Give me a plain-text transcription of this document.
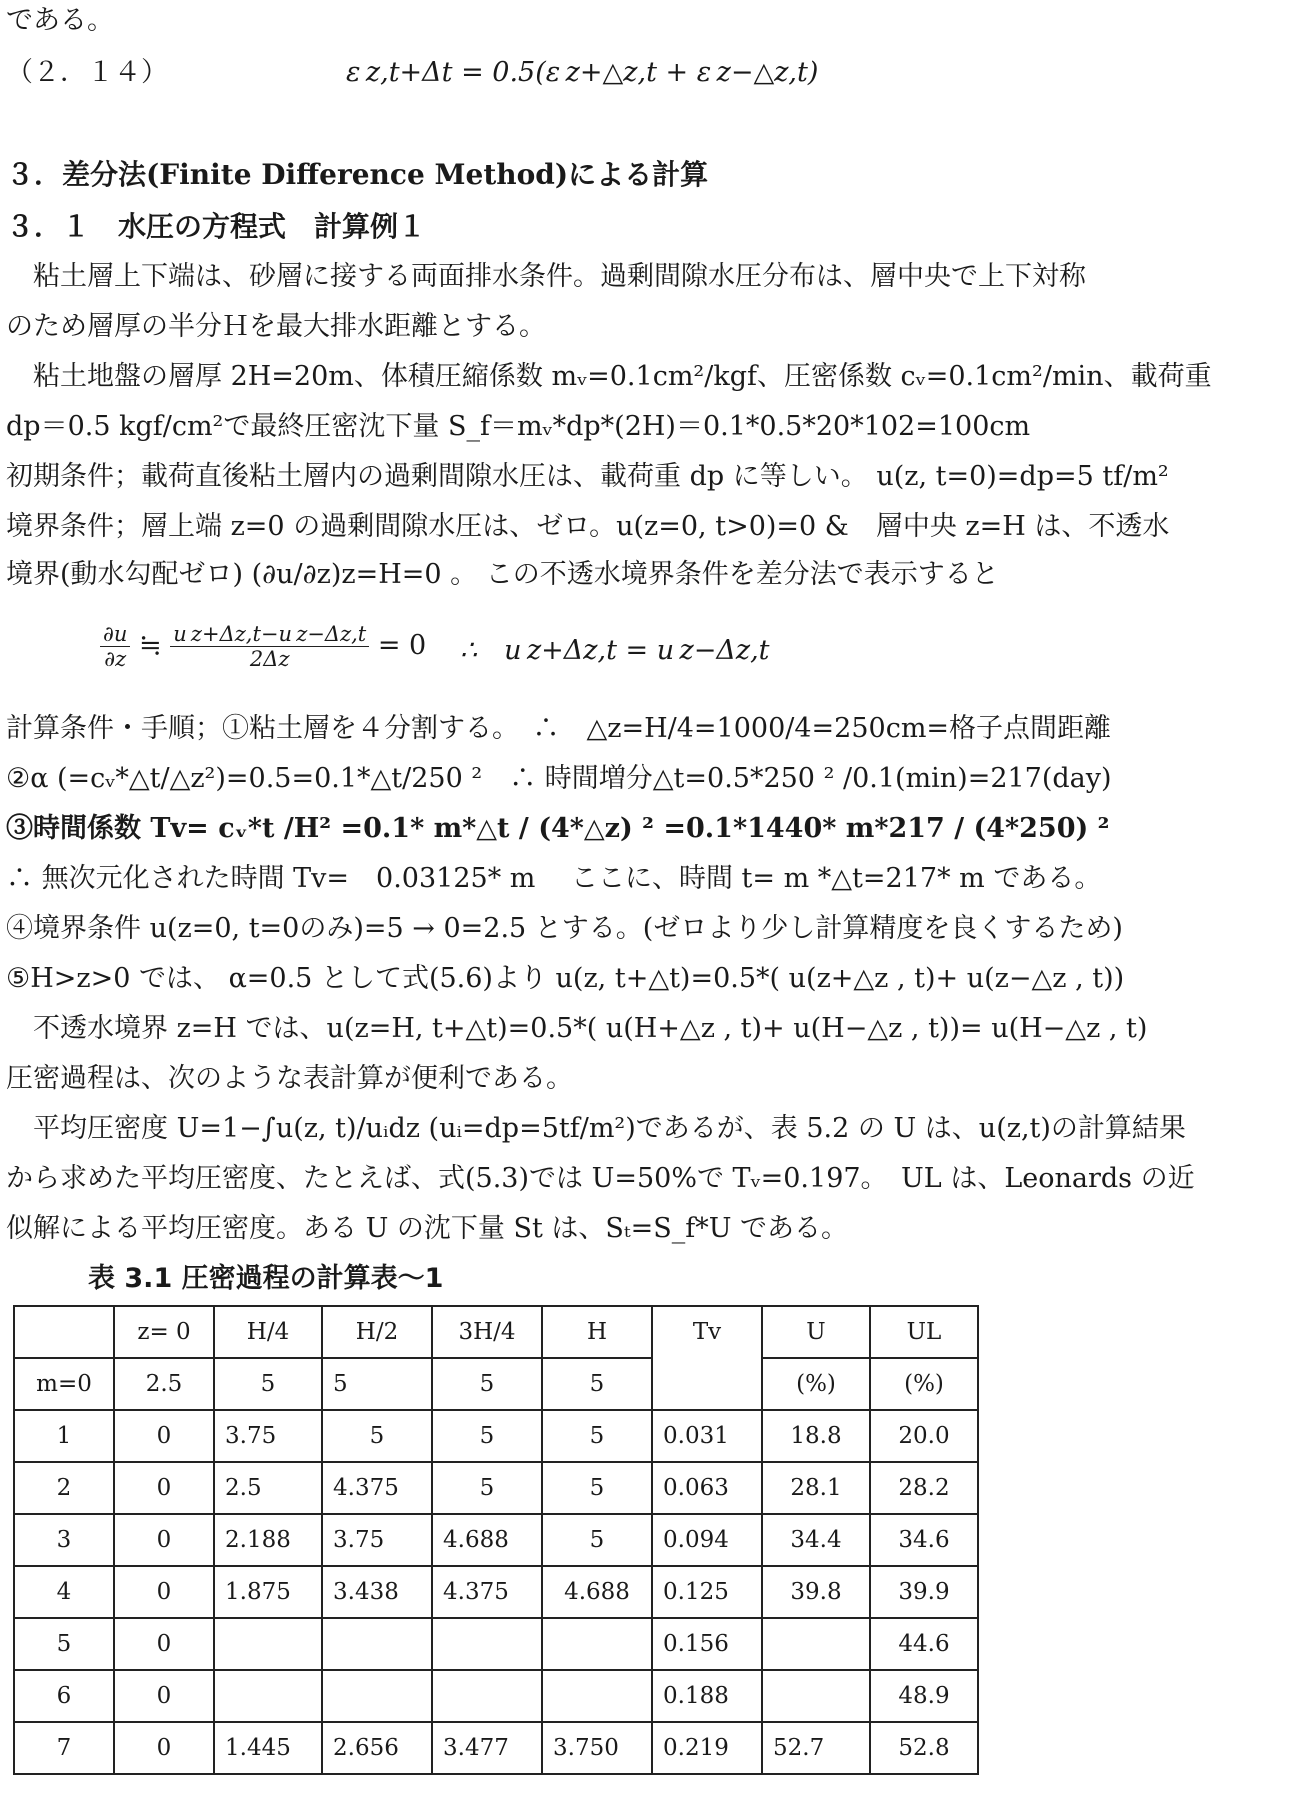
である。
（２．１４）	ε z,t+Δt = 0.5(ε z+△z,t + ε z−△z,t)
３．差分法(Finite Difference Method)による計算
３．１　水圧の方程式　計算例１
　粘土層上下端は、砂層に接する両面排水条件。過剰間隙水圧分布は、層中央で上下対称
のため層厚の半分Ｈを最大排水距離とする。
　粘土地盤の層厚 2H=20m、体積圧縮係数 mᵥ=0.1cm²/kgf、圧密係数 cᵥ=0.1cm²/min、載荷重
dp＝0.5 kgf/cm²で最終圧密沈下量 S_f＝mᵥ*dp*(2H)＝0.1*0.5*20*102=100cm
初期条件；載荷直後粘土層内の過剰間隙水圧は、載荷重 dp に等しい。 u(z, t=0)=dp=5 tf/m²
境界条件；層上端 z=0 の過剰間隙水圧は、ゼロ。u(z=0, t>0)=0 &　層中央 z=H は、不透水
境界(動水勾配ゼロ) (∂u/∂z)z=H=0 。 この不透水境界条件を差分法で表示すると
$\frac{\partial u}{\partial z}$ ≒ $\frac{\text{u z+Δz,t−u z−Δz,t}}{2\Delta z} = 0$ ∴　u z+Δz,t = u z−Δz,t
計算条件・手順；①粘土層を４分割する。　∴　△z=H/4=1000/4=250cm=格子点間距離
②α (=cᵥ*△t/△z²)=0.5=0.1*△t/250 ²　∴ 時間増分△t=0.5*250 ² /0.1(min)=217(day)
③時間係数 Tv= cᵥ*t /H² =0.1* m*△t / (4*△z) ² =0.1*1440* m*217 / (4*250) ²
∴ 無次元化された時間 Tv=　0.03125* m　 ここに、時間 t= m *△t=217* m である。
④境界条件 u(z=0, t=0のみ)=5 → 0=2.5 とする。(ゼロより少し計算精度を良くするため)
⑤H>z>0 では、 α=0.5 として式(5.6)より u(z, t+△t)=0.5*( u(z+△z , t)+ u(z−△z , t))
　不透水境界 z=H では、u(z=H, t+△t)=0.5*( u(H+△z , t)+ u(H−△z , t))= u(H−△z , t)
圧密過程は、次のような表計算が便利である。
　平均圧密度 U=1−∫u(z, t)/uᵢdz (uᵢ=dp=5tf/m²)であるが、表 5.2 の U は、u(z,t)の計算結果
から求めた平均圧密度、たとえば、式(5.3)では U=50%で Tᵥ=0.197。　UL は、Leonards の近
似解による平均圧密度。ある U の沈下量 St は、Sₜ=S_f*U である。
表 3.1 圧密過程の計算表～1
	z= 0	H/4	H/2	3H/4	H	Tv	U	UL
m=0	2.5	5	5	5	5		(%)	(%)
1	0	3.75	5	5	5	0.031	18.8	20.0
2	0	2.5	4.375	5	5	0.063	28.1	28.2
3	0	2.188	3.75	4.688	5	0.094	34.4	34.6
4	0	1.875	3.438	4.375	4.688	0.125	39.8	39.9
5	0					0.156		44.6
6	0					0.188		48.9
7	0	1.445	2.656	3.477	3.750	0.219	52.7	52.8
